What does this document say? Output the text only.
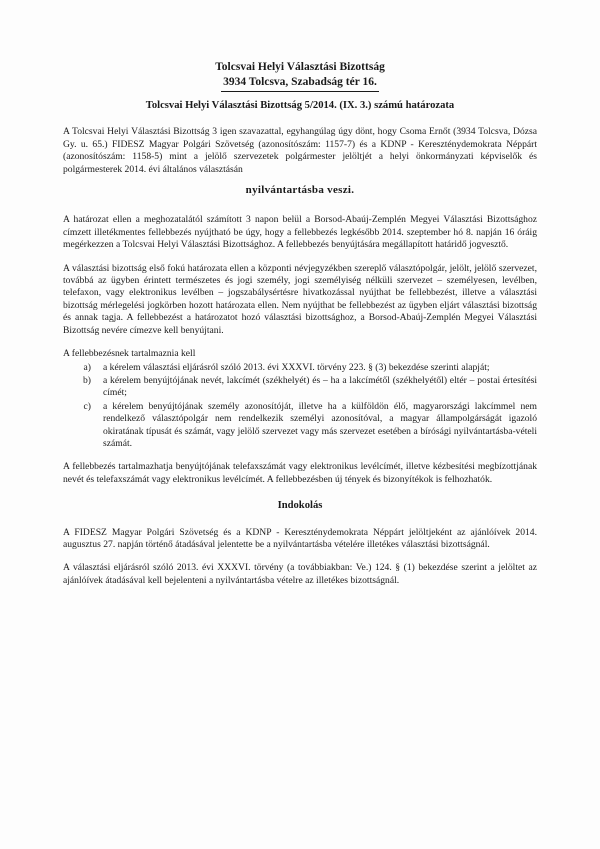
Tolcsvai Helyi Választási Bizottság
3934 Tolcsva, Szabadság tér 16.
Tolcsvai Helyi Választási Bizottság 5/2014. (IX. 3.) számú határozata

A Tolcsvai Helyi Választási Bizottság 3 igen szavazattal, egyhangúlag úgy dönt, hogy Csoma Ernőt (3934 Tolcsva, Dózsa Gy. u. 65.) FIDESZ Magyar Polgári Szövetség (azonosítószám: 1157-7) és a KDNP - Kereszténydemokrata Néppárt (azonosítószám: 1158-5) mint a jelölő szervezetek polgármester jelöltjét a helyi önkormányzati képviselők és polgármesterek 2014. évi általános választásán

nyilvántartásba veszi.

A határozat ellen a meghozatalától számított 3 napon belül a Borsod-Abaúj-Zemplén Megyei Választási Bizottsághoz címzett illetékmentes fellebbezés nyújtható be úgy, hogy a fellebbezés legkésőbb 2014. szeptember hó 8. napján 16 óráig megérkezzen a Tolcsvai Helyi Választási Bizottsághoz. A fellebbezés benyújtására megállapított határidő jogvesztő.

A választási bizottság első fokú határozata ellen a központi névjegyzékben szereplő választópolgár, jelölt, jelölő szervezet, továbbá az ügyben érintett természetes és jogi személy, jogi személyiség nélküli szervezet – személyesen, levélben, telefaxon, vagy elektronikus levélben – jogszabálysértésre hivatkozással nyújthat be fellebbezést, illetve a választási bizottság mérlegelési jogkörben hozott határozata ellen. Nem nyújthat be fellebbezést az ügyben eljárt választási bizottság és annak tagja. A fellebbezést a határozatot hozó választási bizottsághoz, a Borsod-Abaúj-Zemplén Megyei Választási Bizottság nevére címezve kell benyújtani.

A fellebbezésnek tartalmaznia kell
a)	a kérelem választási eljárásról szóló 2013. évi XXXVI. törvény 223. § (3) bekezdése szerinti alapját;
b)	a kérelem benyújtójának nevét, lakcímét (székhelyét) és – ha a lakcímétől (székhelyétől) eltér – postai értesítési címét;
c)	a kérelem benyújtójának személy azonosítóját, illetve ha a külföldön élő, magyarországi lakcímmel nem rendelkező választópolgár nem rendelkezik személyi azonosítóval, a magyar állampolgárságát igazoló okiratának típusát és számát, vagy jelölő szervezet vagy más szervezet esetében a bírósági nyilvántartásba-vételi számát.

A fellebbezés tartalmazhatja benyújtójának telefaxszámát vagy elektronikus levélcímét, illetve kézbesítési megbízottjának nevét és telefaxszámát vagy elektronikus levélcímét. A fellebbezésben új tények és bizonyítékok is felhozhatók.

Indokolás

A FIDESZ Magyar Polgári Szövetség és a KDNP - Kereszténydemokrata Néppárt jelöltjeként az ajánlóívek 2014. augusztus 27. napján történő átadásával jelentette be a nyilvántartásba vételére illetékes választási bizottságnál.

A választási eljárásról szóló 2013. évi XXXVI. törvény (a továbbiakban: Ve.) 124. § (1) bekezdése szerint a jelöltet az ajánlóívek átadásával kell bejelenteni a nyilvántartásba vételre az illetékes bizottságnál.
